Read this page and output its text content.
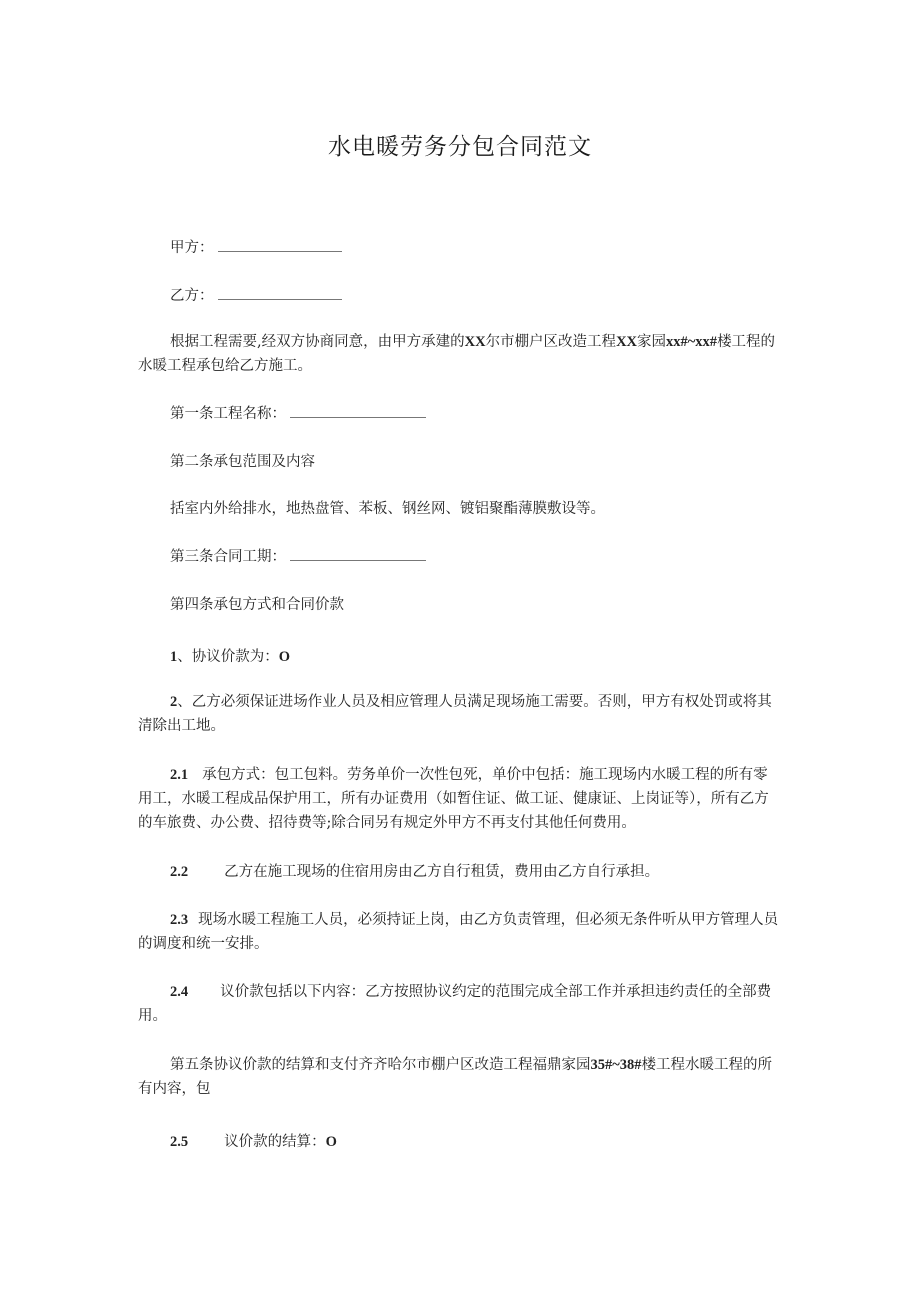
水电暖劳务分包合同范文
甲方：
乙方：
根据工程需要,经双方协商同意，由甲方承建的XX尔市棚户区改造工程XX家园xx#~xx#楼工程的水暖工程承包给乙方施工。
第一条工程名称：
第二条承包范围及内容
括室内外给排水，地热盘管、苯板、钢丝网、镀铝聚酯薄膜敷设等。
第三条合同工期：
第四条承包方式和合同价款
1、协议价款为：O
2、乙方必须保证进场作业人员及相应管理人员满足现场施工需要。否则，甲方有权处罚或将其清除出工地。
2.1 承包方式：包工包料。劳务单价一次性包死，单价中包括：施工现场内水暖工程的所有零用工，水暖工程成品保护用工，所有办证费用（如暂住证、做工证、健康证、上岗证等），所有乙方的车旅费、办公费、招待费等;除合同另有规定外甲方不再支付其他任何费用。
2.2 乙方在施工现场的住宿用房由乙方自行租赁，费用由乙方自行承担。
2.3 现场水暖工程施工人员，必须持证上岗，由乙方负责管理，但必须无条件听从甲方管理人员的调度和统一安排。
2.4 议价款包括以下内容：乙方按照协议约定的范围完成全部工作并承担违约责任的全部费用。
第五条协议价款的结算和支付齐齐哈尔市棚户区改造工程福鼎家园35#~38#楼工程水暖工程的所有内容，包
2.5 议价款的结算：O
